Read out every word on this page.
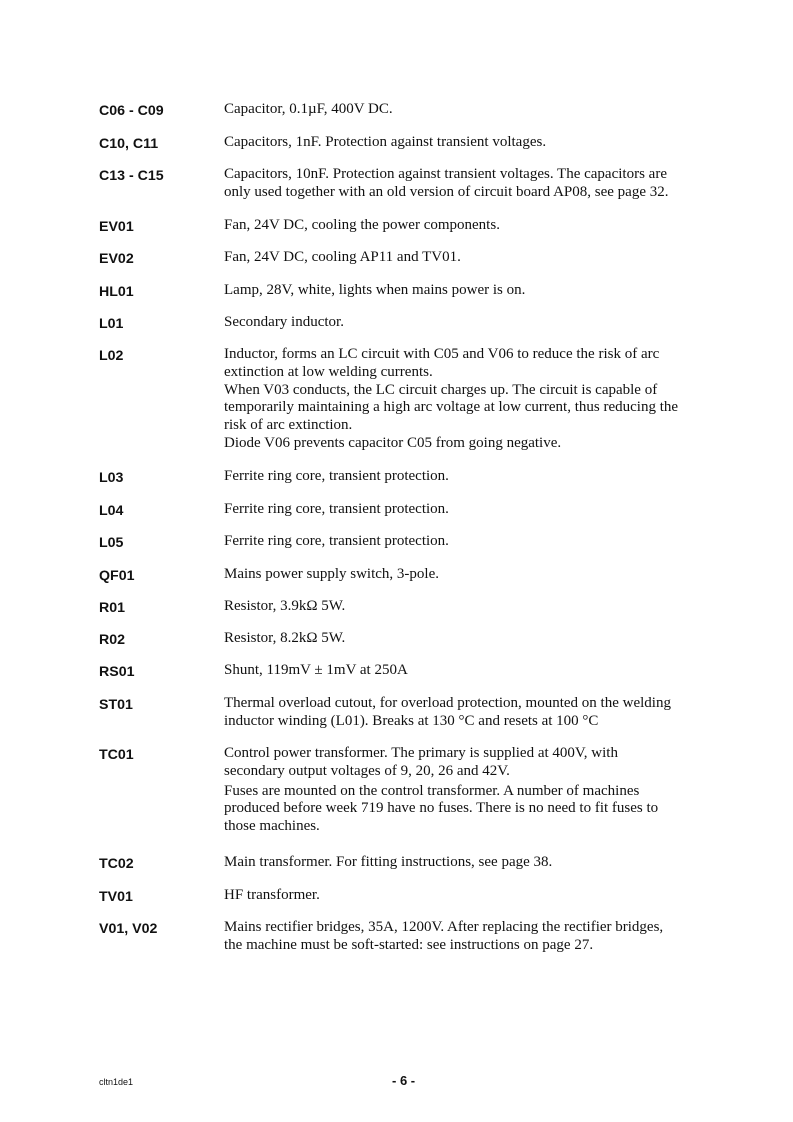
C06 - C09	Capacitor, 0.1µF, 400V DC.

C10, C11	Capacitors, 1nF. Protection against transient voltages.

C13 - C15	Capacitors, 10nF. Protection against transient voltages. The capacitors are
only used together with an old version of circuit board AP08, see page 32.

EV01	Fan, 24V DC, cooling the power components.

EV02	Fan, 24V DC, cooling AP11 and TV01.

HL01	Lamp, 28V, white, lights when mains power is on.

L01	Secondary inductor.

L02	Inductor, forms an LC circuit with C05 and V06 to reduce the risk of arc
extinction at low welding currents.
When V03 conducts, the LC circuit charges up. The circuit is capable of
temporarily maintaining a high arc voltage at low current, thus reducing the
risk of arc extinction.
Diode V06 prevents capacitor C05 from going negative.

L03	Ferrite ring core, transient protection.

L04	Ferrite ring core, transient protection.

L05	Ferrite ring core, transient protection.

QF01	Mains power supply switch, 3-pole.

R01	Resistor, 3.9kΩ 5W.

R02	Resistor, 8.2kΩ 5W.

RS01	Shunt, 119mV ± 1mV at 250A

ST01	Thermal overload cutout, for overload protection, mounted on the welding
inductor winding (L01). Breaks at 130 °C and resets at 100 °C

TC01	Control power transformer. The primary is supplied at 400V, with
secondary output voltages of 9, 20, 26 and 42V.

Fuses are mounted on the control transformer. A number of machines
produced before week 719 have no fuses. There is no need to fit fuses to
those machines.

TC02	Main transformer. For fitting instructions, see page 38.

TV01	HF transformer.

V01, V02	Mains rectifier bridges, 35A, 1200V. After replacing the rectifier bridges,
the machine must be soft-started: see instructions on page 27.

cltn1de1	- 6 -
